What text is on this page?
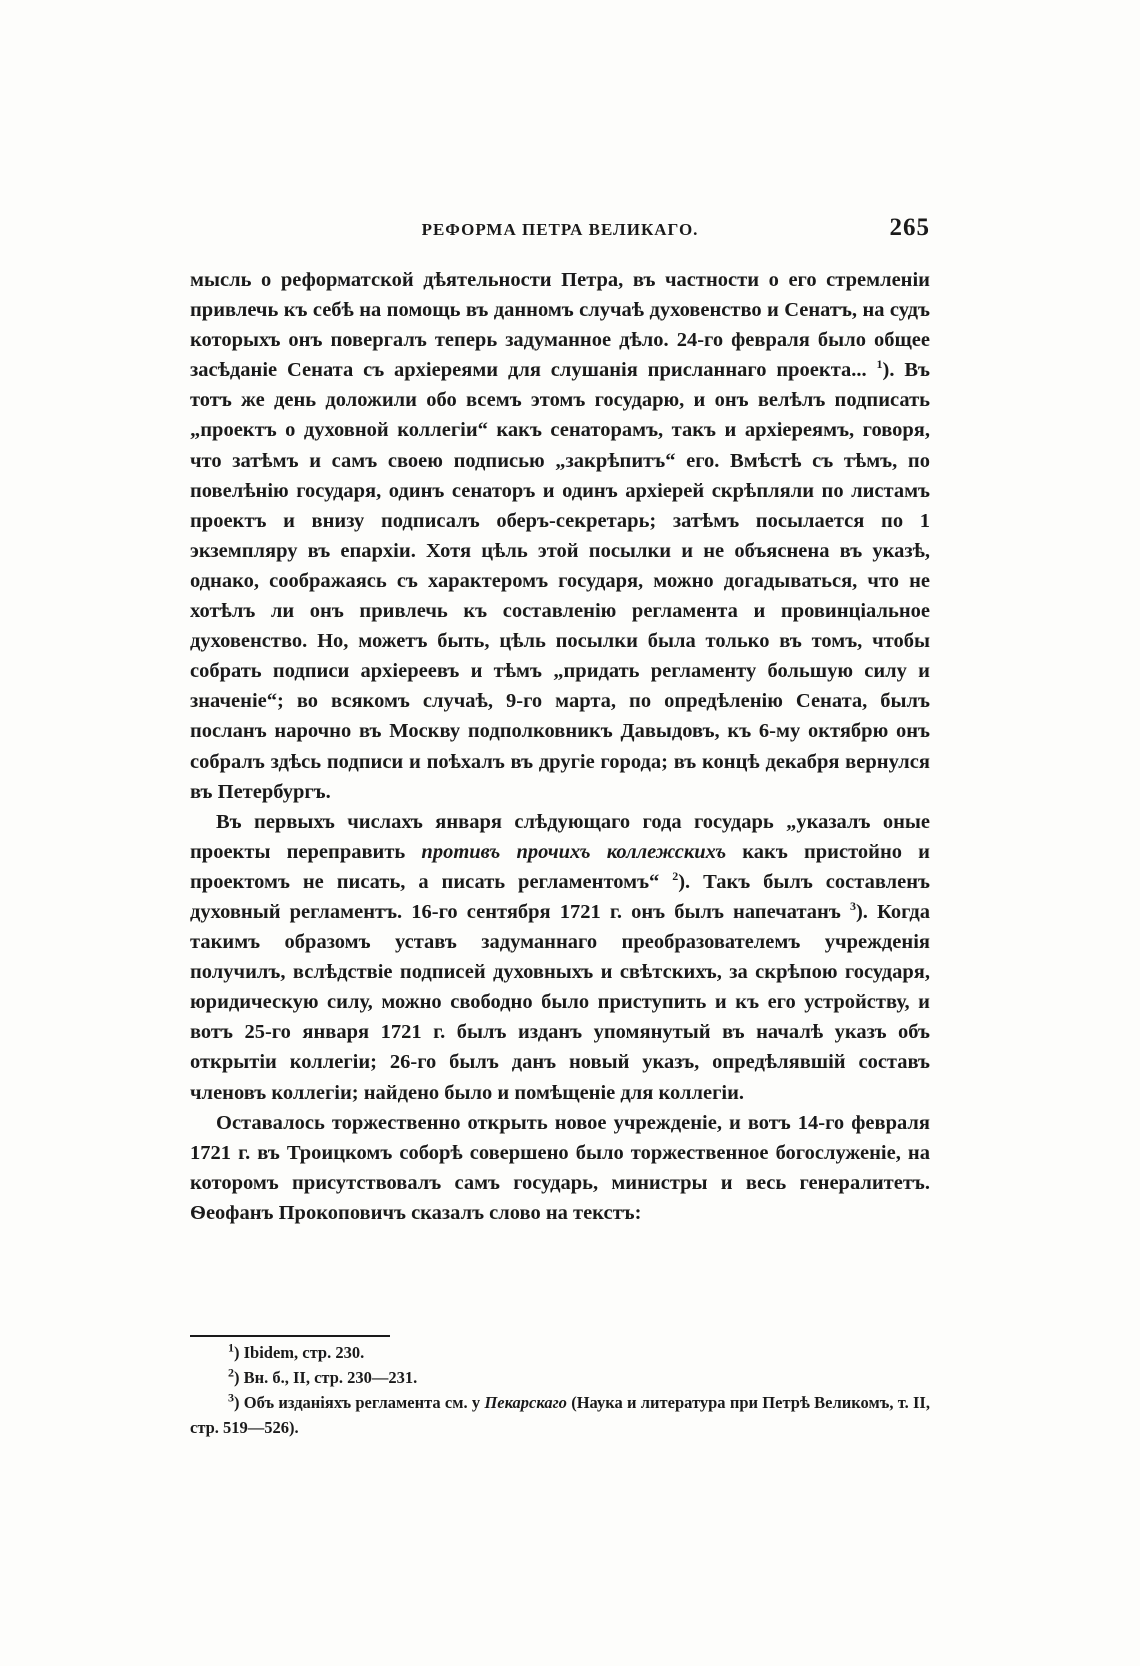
РЕФОРМА ПЕТРА ВЕЛИКАГО.	265

мысль о реформатской дѣятельности Петра, въ частности о его стремленіи привлечь къ себѣ на помощь въ данномъ случаѣ духовенство и Сенатъ, на судъ которыхъ онъ повергалъ теперь задуманное дѣло. 24-го февраля было общее засѣданіе Сената съ архіереями для слушанія присланнаго проекта... $^1$). Въ тотъ же день доложили обо всемъ этомъ государю, и онъ велѣлъ подписать „проектъ о духовной коллегіи“ какъ сенаторамъ, такъ и архіереямъ, говоря, что затѣмъ и самъ своею подписью „закрѣпитъ“ его. Вмѣстѣ съ тѣмъ, по повелѣнію государя, одинъ сенаторъ и одинъ архіерей скрѣпляли по листамъ проектъ и внизу подписалъ оберъ-секретарь; затѣмъ посылается по 1 экземпляру въ епархіи. Хотя цѣль этой посылки и не объяснена въ указѣ, однако, соображаясь съ характеромъ государя, можно догадываться, что не хотѣлъ ли онъ привлечь къ составленію регламента и провинціальное духовенство. Но, можетъ быть, цѣль посылки была только въ томъ, чтобы собрать подписи архіереевъ и тѣмъ „придать регламенту большую силу и значеніе“; во всякомъ случаѣ, 9-го марта, по опредѣленію Сената, былъ посланъ нарочно въ Москву подполковникъ Давыдовъ, къ 6-му октябрю онъ собралъ здѣсь подписи и поѣхалъ въ другіе города; въ концѣ декабря вернулся въ Петербургъ.

Въ первыхъ числахъ января слѣдующаго года государь „указалъ оные проекты переправить противъ прочихъ коллежскихъ какъ пристойно и проектомъ не писать, а писать регламентомъ“ $^2$). Такъ былъ составленъ духовный регламентъ. 16-го сентября 1721 г. онъ былъ напечатанъ $^3$). Когда такимъ образомъ уставъ задуманнаго преобразователемъ учрежденія получилъ, вслѣдствіе подписей духовныхъ и свѣтскихъ, за скрѣпою государя, юридическую силу, можно свободно было приступить и къ его устройству, и вотъ 25-го января 1721 г. былъ изданъ упомянутый въ началѣ указъ объ открытіи коллегіи; 26-го былъ данъ новый указъ, опредѣлявшій составъ членовъ коллегіи; найдено было и помѣщеніе для коллегіи.

Оставалось торжественно открыть новое учрежденіе, и вотъ 14-го февраля 1721 г. въ Троицкомъ соборѣ совершено было торжественное богослуженіе, на которомъ присутствовалъ самъ государь, министры и весь генералитетъ. Ѳеофанъ Прокоповичъ сказалъ слово на текстъ:

$^1$) Ibidem, стр. 230.

$^2$) Вн. б., II, стр. 230—231.

$^3$) Объ изданіяхъ регламента см. у Пекарскаго (Наука и литература при Петрѣ Великомъ, т. II, стр. 519—526).
